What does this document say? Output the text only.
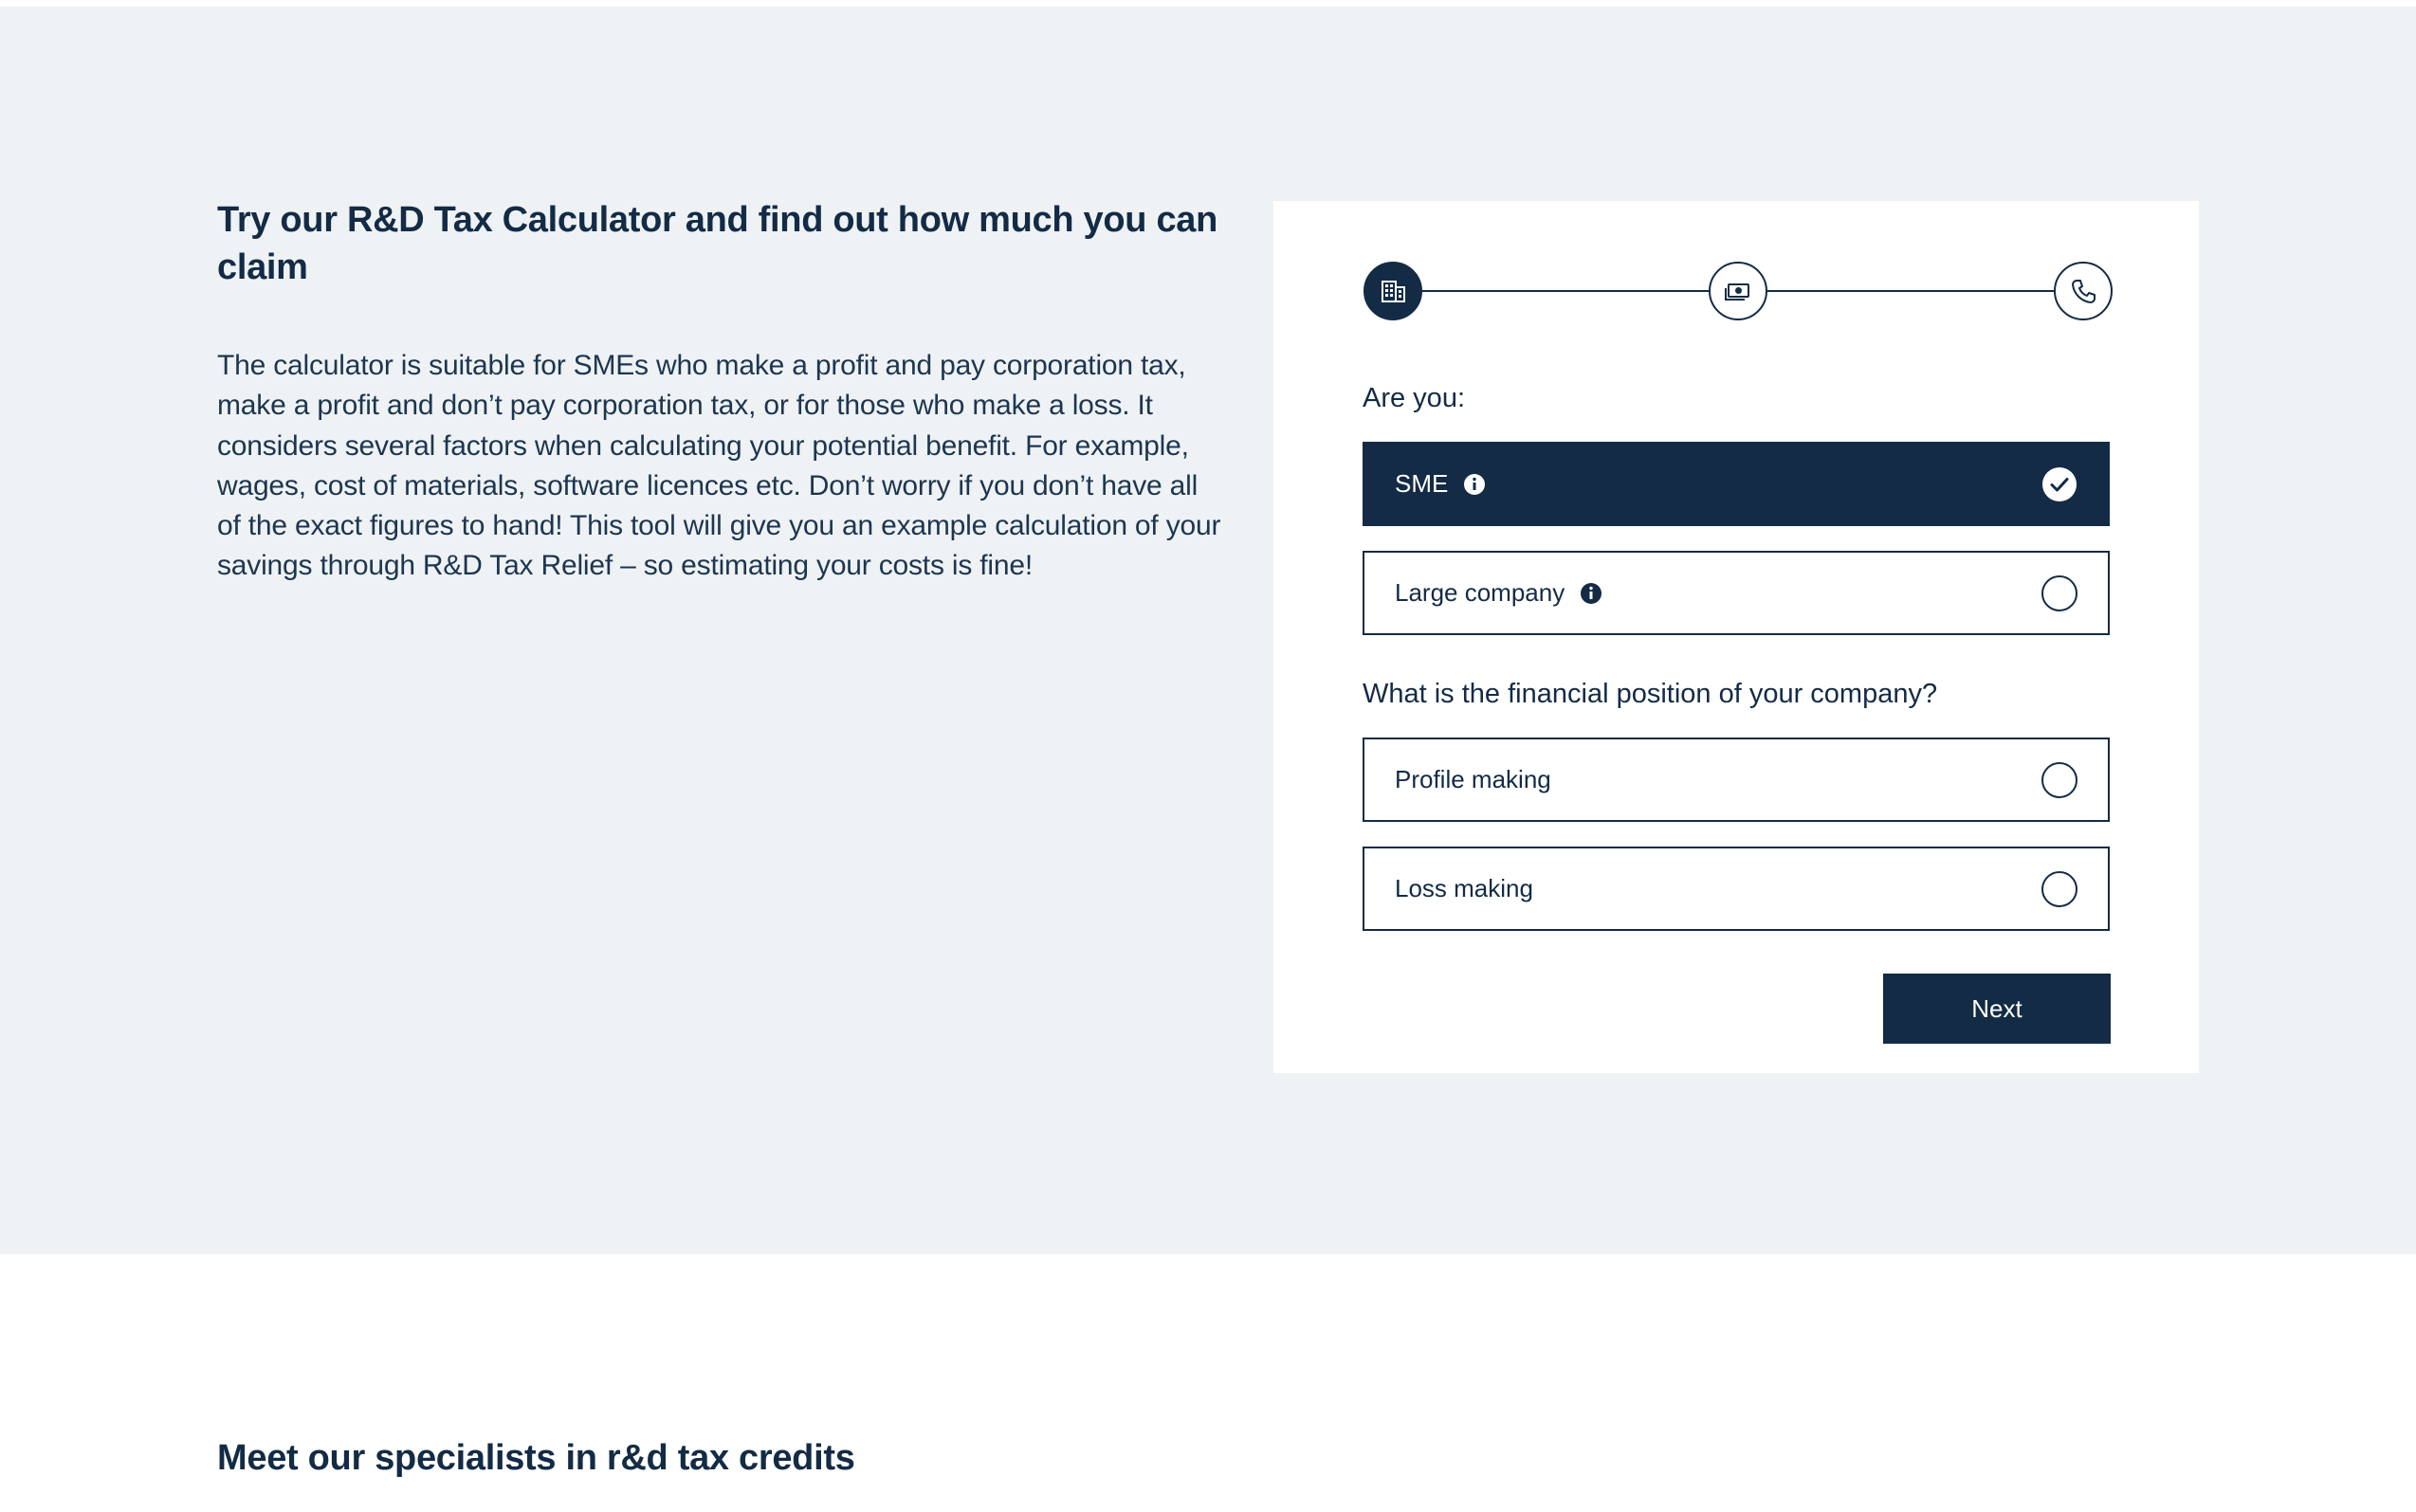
Try our R&D Tax Calculator and find out how much you can claim

The calculator is suitable for SMEs who make a profit and pay corporation tax, make a profit and don’t pay corporation tax, or for those who make a loss. It considers several factors when calculating your potential benefit. For example, wages, cost of materials, software licences etc. Don’t worry if you don’t have all of the exact figures to hand! This tool will give you an example calculation of your savings through R&D Tax Relief – so estimating your costs is fine!

Are you:
SME
Large company
What is the financial position of your company?
Profile making
Loss making
Next
Meet our specialists in r&d tax credits
